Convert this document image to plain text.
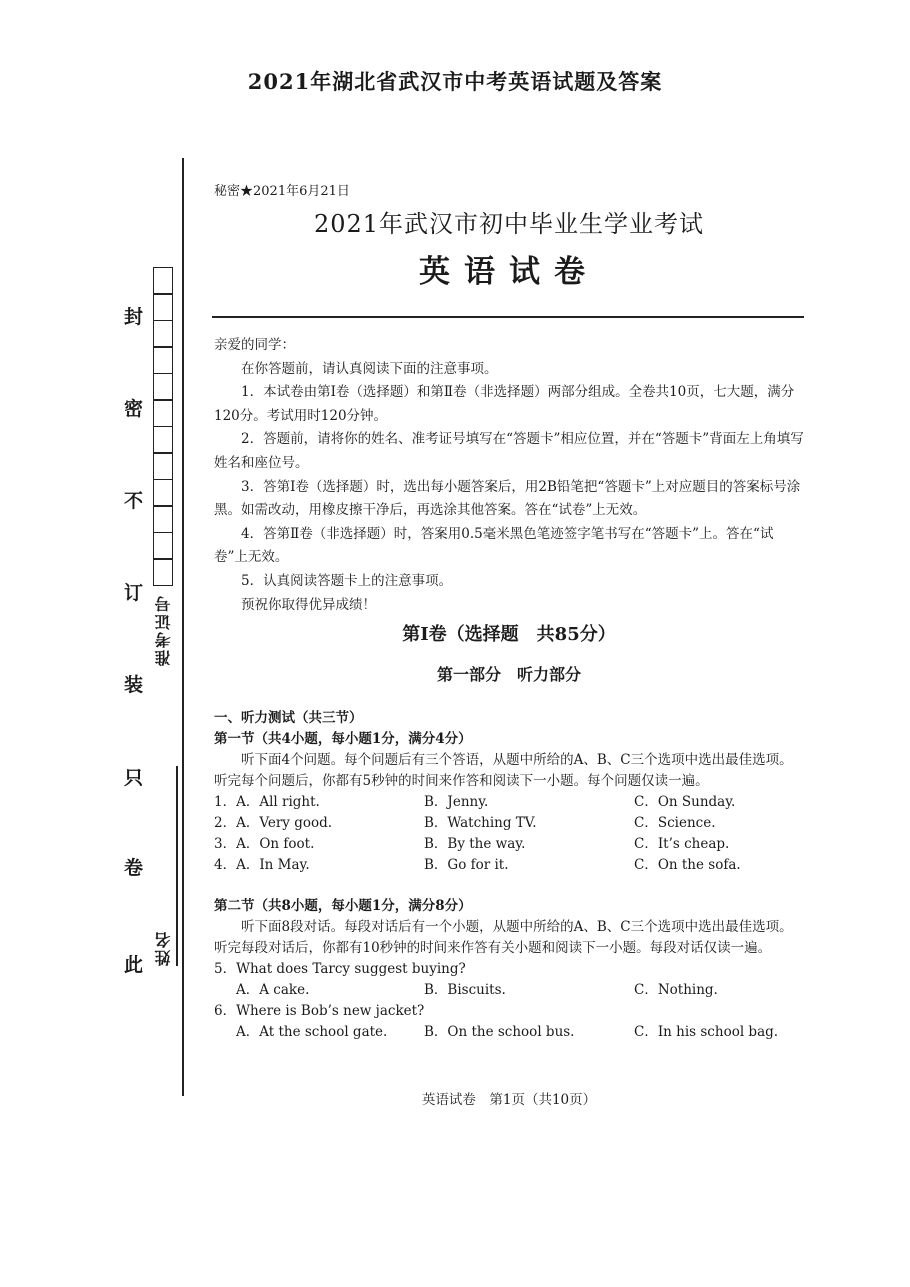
2021年湖北省武汉市中考英语试题及答案
此
卷
只
装
订
不
密
封
准考证号
姓名
秘密★2021年6月21日
2021年武汉市初中毕业生学业考试
英语试卷

亲爱的同学：

在你答题前，请认真阅读下面的注意事项。

1．本试卷由第Ⅰ卷（选择题）和第Ⅱ卷（非选择题）两部分组成。全卷共10页，七大题，满分120分。考试用时120分钟。

2．答题前，请将你的姓名、准考证号填写在“答题卡”相应位置，并在“答题卡”背面左上角填写姓名和座位号。

3．答第Ⅰ卷（选择题）时，选出每小题答案后，用2B铅笔把“答题卡”上对应题目的答案标号涂黑。如需改动，用橡皮擦干净后，再选涂其他答案。答在“试卷”上无效。

4．答第Ⅱ卷（非选择题）时，答案用0.5毫米黑色笔迹签字笔书写在“答题卡”上。答在“试卷”上无效。

5．认真阅读答题卡上的注意事项。

预祝你取得优异成绩！

第Ⅰ卷（选择题　共85分）
第一部分　听力部分

一、听力测试（共三节）

第一节（共4小题，每小题1分，满分4分）

听下面4个问题。每个问题后有三个答语，从题中所给的A、B、C三个选项中选出最佳选项。听完每个问题后，你都有5秒钟的时间来作答和阅读下一小题。每个问题仅读一遍。

1．A．All right.	B．Jenny.	C．On Sunday.
2．A．Very good.	B．Watching TV.	C．Science.
3．A．On foot.	B．By the way.	C．It’s cheap.
4．A．In May.	B．Go for it.	C．On the sofa.

第二节（共8小题，每小题1分，满分8分）

听下面8段对话。每段对话后有一个小题，从题中所给的A、B、C三个选项中选出最佳选项。听完每段对话后，你都有10秒钟的时间来作答有关小题和阅读下一小题。每段对话仅读一遍。

5．What does Tarcy suggest buying?
A．A cake.	B．Biscuits.	C．Nothing.
6．Where is Bob’s new jacket?
A．At the school gate.	B．On the school bus.	C．In his school bag.
英语试卷　第1页（共10页）
